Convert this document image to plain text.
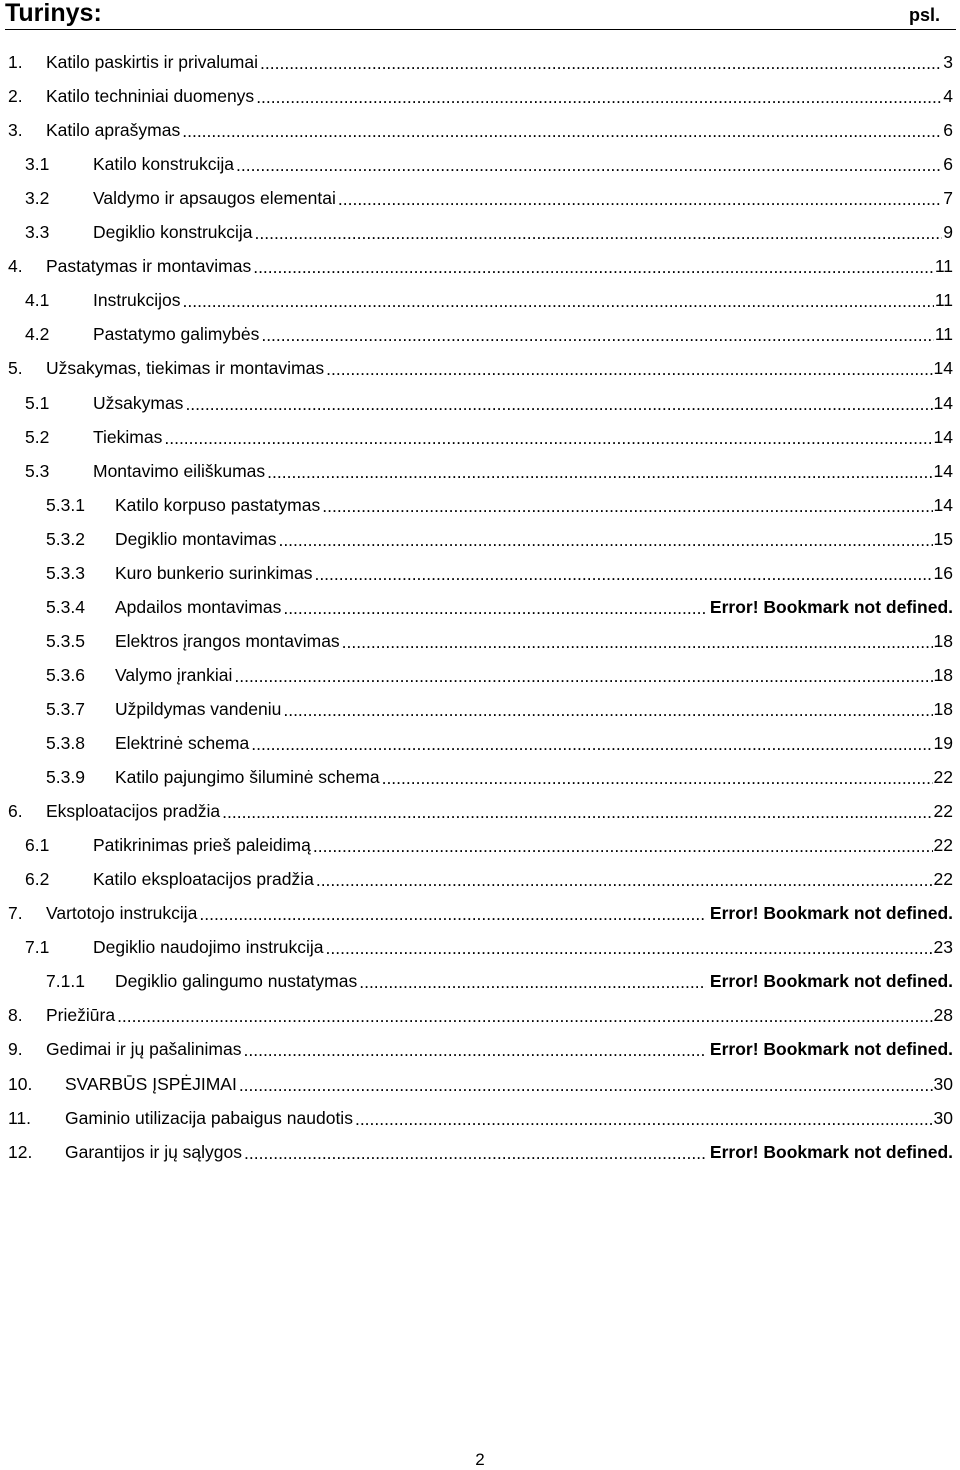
Turinys:	psl.
1.	Katilo paskirtis ir privalumai .....	3
2.	Katilo techniniai duomenys .....	4
3.	Katilo aprašymas .....	6
3.1	Katilo konstrukcija .....	6
3.2	Valdymo ir apsaugos elementai .....	7
3.3	Degiklio konstrukcija .....	9
4.	Pastatymas ir montavimas .....	11
4.1	Instrukcijos .....	11
4.2	Pastatymo galimybės .....	11
5.	Užsakymas, tiekimas ir montavimas .....	14
5.1	Užsakymas .....	14
5.2	Tiekimas .....	14
5.3	Montavimo eiliškumas .....	14
5.3.1	Katilo korpuso pastatymas .....	14
5.3.2	Degiklio montavimas .....	15
5.3.3	Kuro bunkerio surinkimas .....	16
5.3.4	Apdailos montavimas .....	Error! Bookmark not defined.
5.3.5	Elektros įrangos montavimas .....	18
5.3.6	Valymo įrankiai .....	18
5.3.7	Užpildymas vandeniu .....	18
5.3.8	Elektrinė schema .....	19
5.3.9	Katilo pajungimo šiluminė schema .....	22
6.	Eksploatacijos pradžia .....	22
6.1	Patikrinimas prieš paleidimą .....	22
6.2	Katilo eksploatacijos pradžia .....	22
7.	Vartotojo instrukcija .....	Error! Bookmark not defined.
7.1	Degiklio naudojimo instrukcija .....	23
7.1.1	Degiklio galingumo nustatymas .....	Error! Bookmark not defined.
8.	Priežiūra .....	28
9.	Gedimai ir jų pašalinimas .....	Error! Bookmark not defined.
10.	SVARBŪS ĮSPĖJIMAI .....	30
11.	Gaminio utilizacija pabaigus naudotis .....	30
12.	Garantijos ir jų sąlygos .....	Error! Bookmark not defined.
2
